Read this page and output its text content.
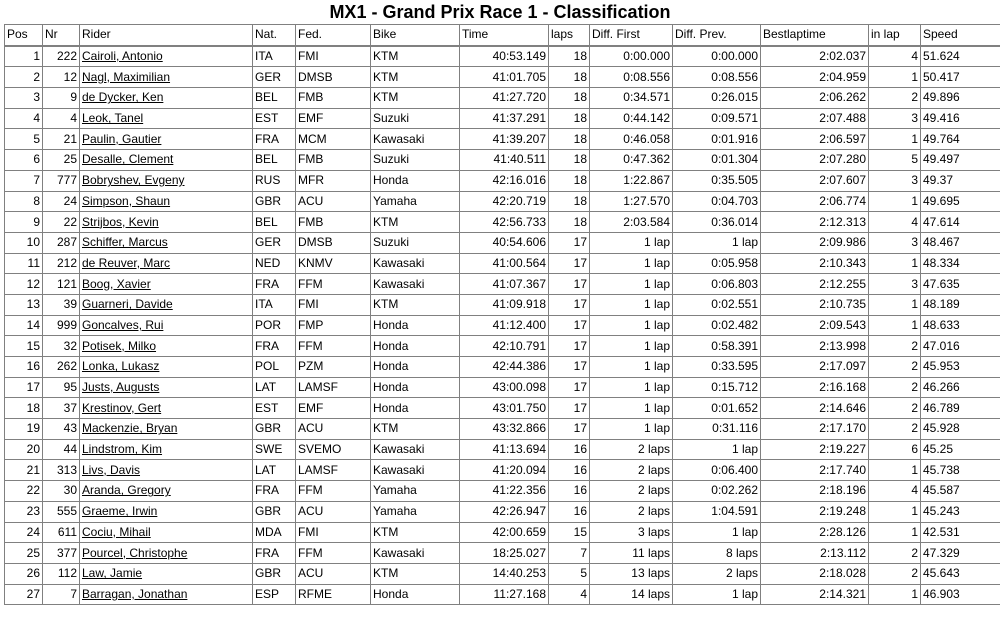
MX1 - Grand Prix Race 1 - Classification
Pos	Nr	Rider	Nat.	Fed.	Bike	Time	laps	Diff. First	Diff. Prev.	Bestlaptime	in lap	Speed
1	222	Cairoli, Antonio	ITA	FMI	KTM	40:53.149	18	0:00.000	0:00.000	2:02.037	4	51.624
2	12	Nagl, Maximilian	GER	DMSB	KTM	41:01.705	18	0:08.556	0:08.556	2:04.959	1	50.417
3	9	de Dycker, Ken	BEL	FMB	KTM	41:27.720	18	0:34.571	0:26.015	2:06.262	2	49.896
4	4	Leok, Tanel	EST	EMF	Suzuki	41:37.291	18	0:44.142	0:09.571	2:07.488	3	49.416
5	21	Paulin, Gautier	FRA	MCM	Kawasaki	41:39.207	18	0:46.058	0:01.916	2:06.597	1	49.764
6	25	Desalle, Clement	BEL	FMB	Suzuki	41:40.511	18	0:47.362	0:01.304	2:07.280	5	49.497
7	777	Bobryshev, Evgeny	RUS	MFR	Honda	42:16.016	18	1:22.867	0:35.505	2:07.607	3	49.37
8	24	Simpson, Shaun	GBR	ACU	Yamaha	42:20.719	18	1:27.570	0:04.703	2:06.774	1	49.695
9	22	Strijbos, Kevin	BEL	FMB	KTM	42:56.733	18	2:03.584	0:36.014	2:12.313	4	47.614
10	287	Schiffer, Marcus	GER	DMSB	Suzuki	40:54.606	17	1 lap	1 lap	2:09.986	3	48.467
11	212	de Reuver, Marc	NED	KNMV	Kawasaki	41:00.564	17	1 lap	0:05.958	2:10.343	1	48.334
12	121	Boog, Xavier	FRA	FFM	Kawasaki	41:07.367	17	1 lap	0:06.803	2:12.255	3	47.635
13	39	Guarneri, Davide	ITA	FMI	KTM	41:09.918	17	1 lap	0:02.551	2:10.735	1	48.189
14	999	Goncalves, Rui	POR	FMP	Honda	41:12.400	17	1 lap	0:02.482	2:09.543	1	48.633
15	32	Potisek, Milko	FRA	FFM	Honda	42:10.791	17	1 lap	0:58.391	2:13.998	2	47.016
16	262	Lonka, Lukasz	POL	PZM	Honda	42:44.386	17	1 lap	0:33.595	2:17.097	2	45.953
17	95	Justs, Augusts	LAT	LAMSF	Honda	43:00.098	17	1 lap	0:15.712	2:16.168	2	46.266
18	37	Krestinov, Gert	EST	EMF	Honda	43:01.750	17	1 lap	0:01.652	2:14.646	2	46.789
19	43	Mackenzie, Bryan	GBR	ACU	KTM	43:32.866	17	1 lap	0:31.116	2:17.170	2	45.928
20	44	Lindstrom, Kim	SWE	SVEMO	Kawasaki	41:13.694	16	2 laps	1 lap	2:19.227	6	45.25
21	313	Livs, Davis	LAT	LAMSF	Kawasaki	41:20.094	16	2 laps	0:06.400	2:17.740	1	45.738
22	30	Aranda, Gregory	FRA	FFM	Yamaha	41:22.356	16	2 laps	0:02.262	2:18.196	4	45.587
23	555	Graeme, Irwin	GBR	ACU	Yamaha	42:26.947	16	2 laps	1:04.591	2:19.248	1	45.243
24	611	Cociu, Mihail	MDA	FMI	KTM	42:00.659	15	3 laps	1 lap	2:28.126	1	42.531
25	377	Pourcel, Christophe	FRA	FFM	Kawasaki	18:25.027	7	11 laps	8 laps	2:13.112	2	47.329
26	112	Law, Jamie	GBR	ACU	KTM	14:40.253	5	13 laps	2 laps	2:18.028	2	45.643
27	7	Barragan, Jonathan	ESP	RFME	Honda	11:27.168	4	14 laps	1 lap	2:14.321	1	46.903
